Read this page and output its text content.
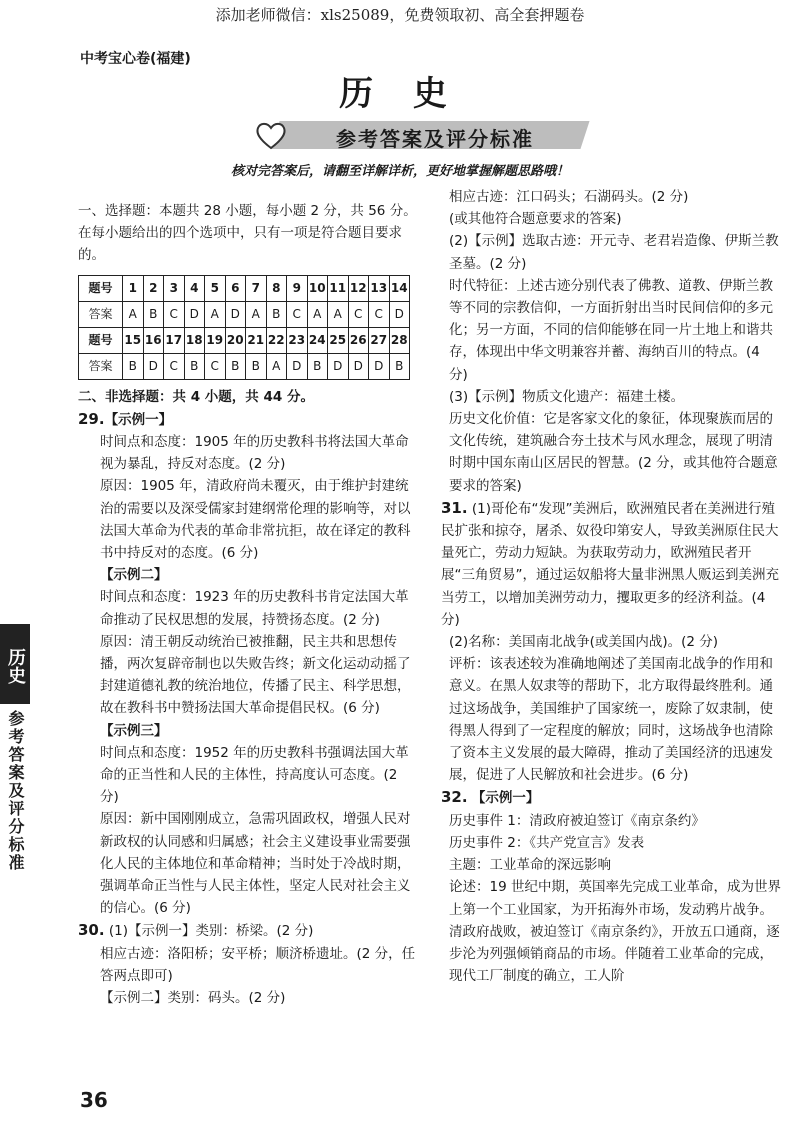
添加老师微信：xls25089，免费领取初、高全套押题卷
中考宝心卷(福建)
历 史
参考答案及评分标准
核对完答案后，请翻至详解详析，更好地掌握解题思路哦！

一、选择题：本题共 28 小题，每小题 2 分，共 56 分。在每小题给出的四个选项中，只有一项是符合题目要求的。

题号	1	2	3	4	5	6	7	8	9	10	11	12	13	14
答案	A	B	C	D	A	D	A	B	C	A	A	C	C	D
题号	15	16	17	18	19	20	21	22	23	24	25	26	27	28
答案	B	D	C	B	C	B	B	A	D	B	D	D	D	B

二、非选择题：共 4 小题，共 44 分。

29.【示例一】

时间点和态度：1905 年的历史教科书将法国大革命视为暴乱，持反对态度。(2 分)

原因：1905 年，清政府尚未覆灭，由于维护封建统治的需要以及深受儒家封建纲常伦理的影响等，对以法国大革命为代表的革命非常抗拒，故在译定的教科书中持反对的态度。(6 分)

【示例二】

时间点和态度：1923 年的历史教科书肯定法国大革命推动了民权思想的发展，持赞扬态度。(2 分)

原因：清王朝反动统治已被推翻，民主共和思想传播，两次复辟帝制也以失败告终；新文化运动动摇了封建道德礼教的统治地位，传播了民主、科学思想，故在教科书中赞扬法国大革命提倡民权。(6 分)

【示例三】

时间点和态度：1952 年的历史教科书强调法国大革命的正当性和人民的主体性，持高度认可态度。(2 分)

原因：新中国刚刚成立，急需巩固政权，增强人民对新政权的认同感和归属感；社会主义建设事业需要强化人民的主体地位和革命精神；当时处于冷战时期，强调革命正当性与人民主体性，坚定人民对社会主义的信心。(6 分)

30. (1)【示例一】类别：桥梁。(2 分)

相应古迹：洛阳桥；安平桥；顺济桥遗址。(2 分，任答两点即可)

【示例二】类别：码头。(2 分)

相应古迹：江口码头；石湖码头。(2 分)

(或其他符合题意要求的答案)

(2)【示例】选取古迹：开元寺、老君岩造像、伊斯兰教圣墓。(2 分)

时代特征：上述古迹分别代表了佛教、道教、伊斯兰教等不同的宗教信仰，一方面折射出当时民间信仰的多元化；另一方面，不同的信仰能够在同一片土地上和谐共存，体现出中华文明兼容并蓄、海纳百川的特点。(4 分)

(3)【示例】物质文化遗产：福建土楼。

历史文化价值：它是客家文化的象征，体现聚族而居的文化传统，建筑融合夯土技术与风水理念，展现了明清时期中国东南山区居民的智慧。(2 分，或其他符合题意要求的答案)

31. (1)哥伦布“发现”美洲后，欧洲殖民者在美洲进行殖民扩张和掠夺，屠杀、奴役印第安人，导致美洲原住民大量死亡，劳动力短缺。为获取劳动力，欧洲殖民者开展“三角贸易”，通过运奴船将大量非洲黑人贩运到美洲充当劳工，以增加美洲劳动力，攫取更多的经济利益。(4 分)

(2)名称：美国南北战争(或美国内战)。(2 分)

评析：该表述较为准确地阐述了美国南北战争的作用和意义。在黑人奴隶等的帮助下，北方取得最终胜利。通过这场战争，美国维护了国家统一，废除了奴隶制，使得黑人得到了一定程度的解放；同时，这场战争也清除了资本主义发展的最大障碍，推动了美国经济的迅速发展，促进了人民解放和社会进步。(6 分)

32. 【示例一】

历史事件 1：清政府被迫签订《南京条约》

历史事件 2：《共产党宣言》发表

主题：工业革命的深远影响

论述：19 世纪中期，英国率先完成工业革命，成为世界上第一个工业国家，为开拓海外市场，发动鸦片战争。清政府战败，被迫签订《南京条约》，开放五口通商，逐步沦为列强倾销商品的市场。伴随着工业革命的完成，现代工厂制度的确立，工人阶

历史
参考答案及评分标准
36
